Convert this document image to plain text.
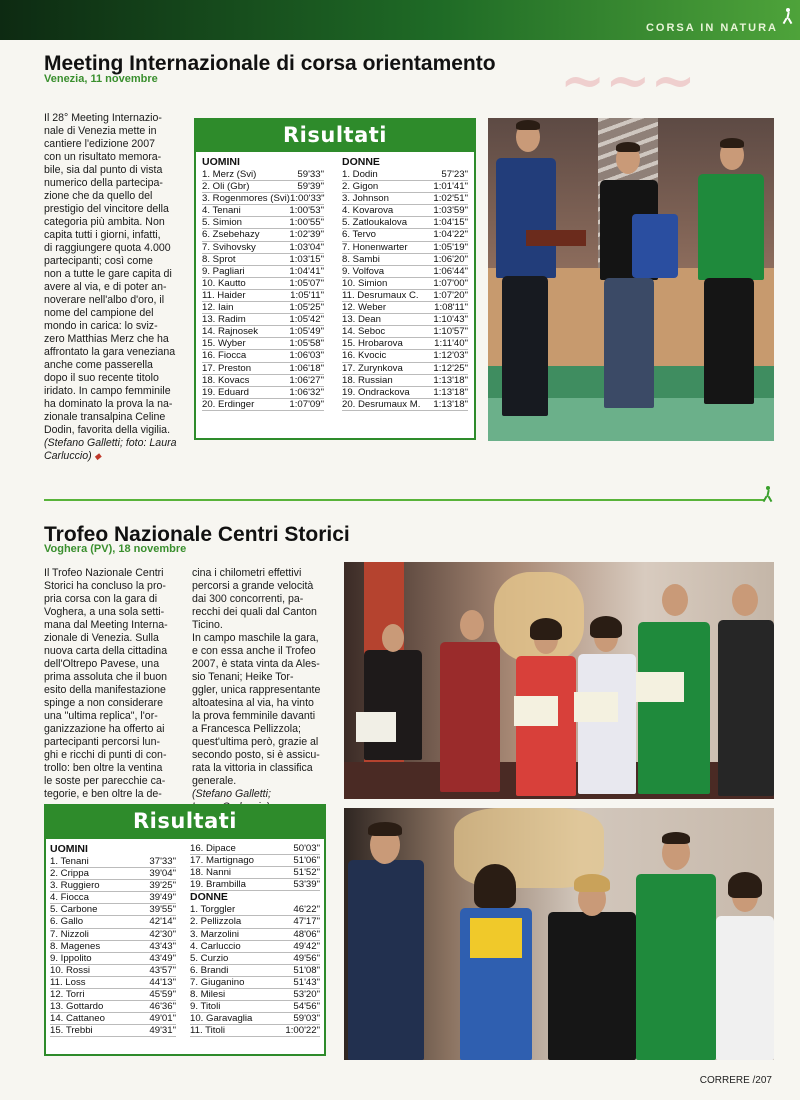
CORSA IN NATURA
~~~
Meeting Internazionale di corsa orientamento
Venezia, 11 novembre

Il 28° Meeting Internazio-

nale di Venezia mette in

cantiere l'edizione 2007

con un risultato memora-

bile, sia dal punto di vista

numerico della partecipa-

zione che da quello del

prestigio del vincitore della

categoria più ambita. Non

capita tutti i giorni, infatti,

di raggiungere quota 4.000

partecipanti; così come

non a tutte le gare capita di

avere al via, e di poter an-

noverare nell'albo d'oro, il

nome del campione del

mondo in carica: lo sviz-

zero Matthias Merz che ha

affrontato la gara veneziana

anche come passerella

dopo il suo recente titolo

iridato. In campo femminile

ha dominato la prova la na-

zionale transalpina Celine

Dodin, favorita della vigilia.

(Stefano Galletti; foto: Laura

Carluccio) ◆

Risultati
UOMINI
1. Merz (Svi)	59'33"
2. Oli (Gbr)	59'39"
3. Rogenmores (Svi) 1:00'33"
4. Tenani	1:00'53"
5. Simion	1:00'55"
6. Zsebehazy	1:02'39"
7. Svihovsky	1:03'04"
8. Sprot	1:03'15"
9. Pagliari	1:04'41"
10. Kautto	1:05'07"
11. Haider	1:05'11"
12. Iain	1:05'25"
13. Radim	1:05'42"
14. Rajnosek	1:05'49"
15. Wyber	1:05'58"
16. Fiocca	1:06'03"
17. Preston	1:06'18"
18. Kovacs	1:06'27"
19. Eduard	1:06'32"
20. Erdinger	1:07'09"
DONNE
1. Dodin	57'23"
2. Gigon	1:01'41"
3. Johnson	1:02'51"
4. Kovarova	1:03'59"
5. Zatloukalova	1:04'15"
6. Tervo	1:04'22"
7. Honenwarter	1:05'19"
8. Sambi	1:06'20"
9. Volfova	1:06'44"
10. Simion	1:07'00"
11. Desrumaux C. 1:07'20"
12. Weber	1:08'11"
13. Dean	1:10'43"
14. Seboc	1:10'57"
15. Hrobarova	1:11'40"
16. Kvocic	1:12'03"
17. Zurynkova	1:12'25"
18. Russian	1:13'18"
19. Ondrackova 1:13'18"
20. Desrumaux M. 1:13'18"
Trofeo Nazionale Centri Storici
Voghera (PV), 18 novembre

Il Trofeo Nazionale Centri

Storici ha concluso la pro-

pria corsa con la gara di

Voghera, a una sola setti-

mana dal Meeting Interna-

zionale di Venezia. Sulla

nuova carta della cittadina

dell'Oltrepo Pavese, una

prima assoluta che il buon

esito della manifestazione

spinge a non considerare

una "ultima replica", l'or-

ganizzazione ha offerto ai

partecipanti percorsi lun-

ghi e ricchi di punti di con-

trollo: ben oltre la ventina

le soste per parecchie ca-

tegorie, e ben oltre la de-

cina i chilometri effettivi

percorsi a grande velocità

dai 300 concorrenti, pa-

recchi dei quali dal Canton

Ticino.

In campo maschile la gara,

e con essa anche il Trofeo

2007, è stata vinta da Ales-

sio Tenani; Heike Tor-

ggler, unica rappresentante

altoatesina al via, ha vinto

la prova femminile davanti

a Francesca Pellizzola;

quest'ultima però, grazie al

secondo posto, si è assicu-

rata la vittoria in classifica

generale.

(Stefano Galletti;

Risultati
UOMINI
1. Tenani	37'33"
2. Crippa	39'04"
3. Ruggiero	39'25"
4. Fiocca	39'49"
5. Carbone	39'55"
6. Gallo	42'14"
7. Nizzoli	42'30"
8. Magenes	43'43"
9. Ippolito	43'49"
10. Rossi	43'57"
11. Loss	44'13"
12. Torri	45'59"
13. Gottardo	46'36"
14. Cattaneo	49'01"
15. Trebbi	49'31"
16. Dipace	50'03"
17. Martignago	51'06"
18. Nanni	51'52"
19. Brambilla	53'39"
DONNE
1. Torggler	46'22"
2. Pellizzola	47'17"
3. Marzolini	48'06"
4. Carluccio	49'42"
5. Curzio	49'56"
6. Brandi	51'08"
7. Giuganino	51'43"
8. Milesi	53'20"
9. Titoli	54'56"
10. Garavaglia	59'03"
11. Titoli	1:00'22"
CORRERE /207
